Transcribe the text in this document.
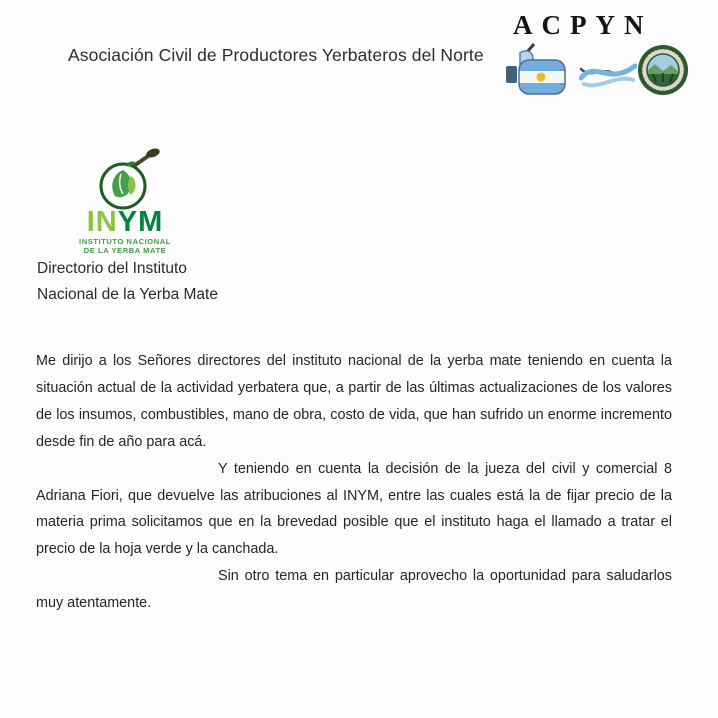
Asociación Civil de Productores Yerbateros del Norte
ACPYN
INYM
INSTITUTO NACIONAL
DE LA YERBA MATE
Directorio del Instituto
Nacional de la Yerba Mate

Me dirijo a los Señores directores del instituto nacional de la yerba mate teniendo en cuenta la situación actual de la actividad yerbatera que, a partir de las últimas actualizaciones de los valores de los insumos, combustibles, mano de obra, costo de vida, que han sufrido un enorme incremento desde fin de año para acá.

Y teniendo en cuenta la decisión de la jueza del civil y comercial 8 Adriana Fiori, que devuelve las atribuciones al INYM, entre las cuales está la de fijar precio de la materia prima solicitamos que en la brevedad posible que el instituto haga el llamado a tratar el precio de la hoja verde y la canchada.

Sin otro tema en particular aprovecho la oportunidad para saludarlos muy atentamente.
